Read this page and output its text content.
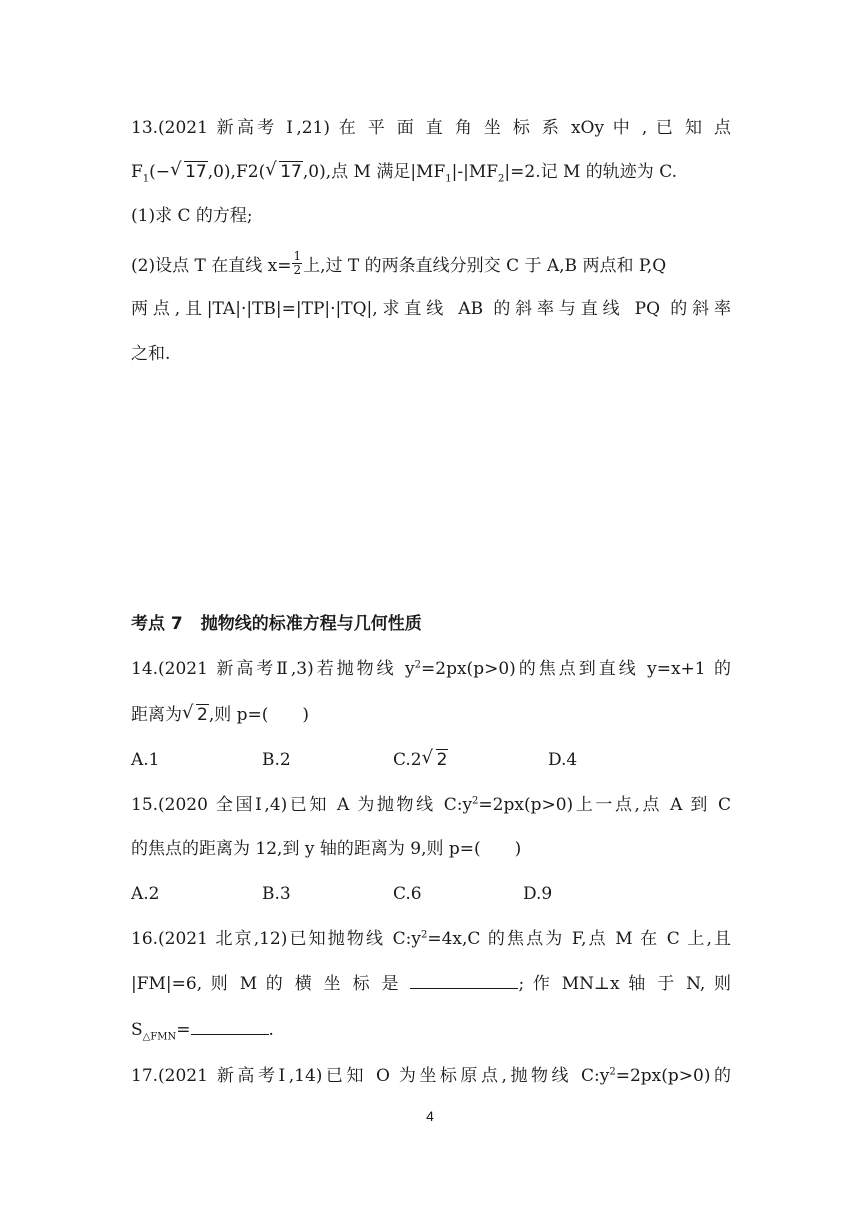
13.(2021 新高考 Ⅰ,21) 在 平 面 直 角 坐 标 系 xOy 中 , 已 知 点
$F_1(-$ √ 17,0),F2( √ 17,0),点 M 满足$|MF_1|-|MF_2|=2$.记 M 的轨迹为 C.
(1)求 C 的方程;
(2)设点 T 在直线 $x= \frac{1}{2}$ 上,过 T 的两条直线分别交 C 于 A,B 两点和 P,Q
两点,且|TA|·|TB|=|TP|·|TQ|,求直线 AB 的斜率与直线 PQ 的斜率
之和.
考点 7 抛物线的标准方程与几何性质
14.(2021 新高考Ⅱ,3)若抛物线 $y^2=2px(p>0)$的焦点到直线 y=x+1 的
距离为 √ 2,则 p=(　　)
A.1	B.2	C.2 √ 2	D.4
15.(2020 全国Ⅰ,4)已知 A 为抛物线 $C:y^2=2px(p>0)$上一点,点 A 到 C
的焦点的距离为 12,到 y 轴的距离为 9,则 p=(　　)
A.2	B.3	C.6	D.9
16.(2021 北京,12)已知抛物线 $C:y^2=4x,C$ 的焦点为 F,点 M 在 C 上,且
|FM|=6, 则 M 的 横 坐 标 是	; 作 MN⊥x 轴 于 N, 则
$S_{\triangle FMN}=$	.
17.(2021 新高考Ⅰ,14)已知 O 为坐标原点,抛物线 $C:y^2=2px(p>0)$的
4
